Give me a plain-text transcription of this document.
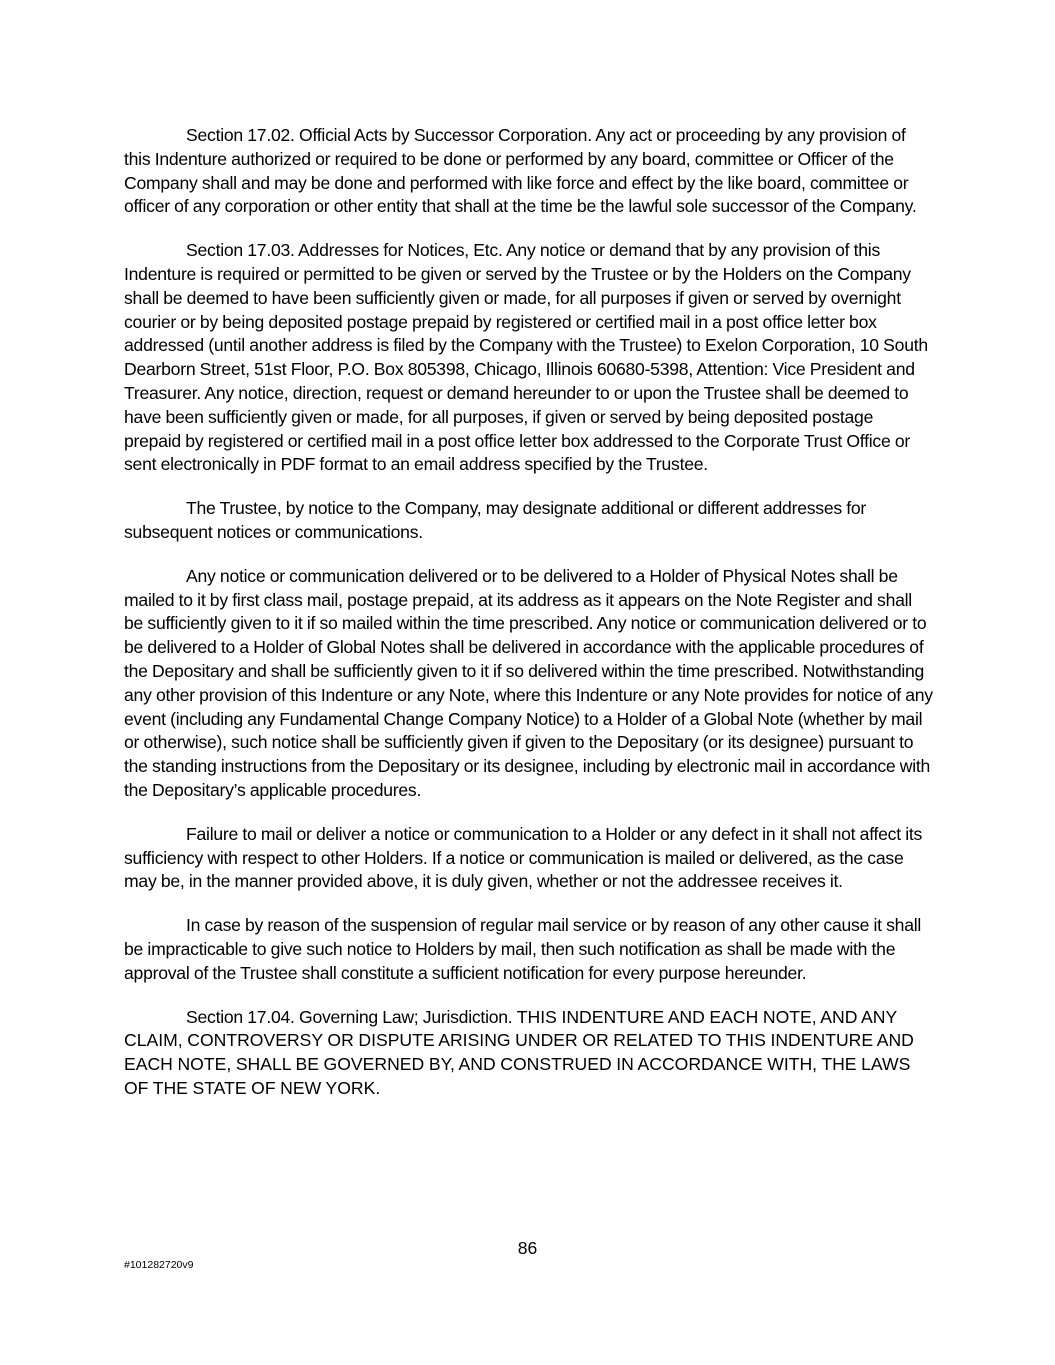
Section 17.02. Official Acts by Successor Corporation. Any act or proceeding by any provision of this Indenture authorized or required to be done or performed by any board, committee or Officer of the Company shall and may be done and performed with like force and effect by the like board, committee or officer of any corporation or other entity that shall at the time be the lawful sole successor of the Company.

Section 17.03. Addresses for Notices, Etc. Any notice or demand that by any provision of this Indenture is required or permitted to be given or served by the Trustee or by the Holders on the Company shall be deemed to have been sufficiently given or made, for all purposes if given or served by overnight courier or by being deposited postage prepaid by registered or certified mail in a post office letter box addressed (until another address is filed by the Company with the Trustee) to Exelon Corporation, 10 South Dearborn Street, 51st Floor, P.O. Box 805398, Chicago, Illinois 60680-5398, Attention: Vice President and Treasurer. Any notice, direction, request or demand hereunder to or upon the Trustee shall be deemed to have been sufficiently given or made, for all purposes, if given or served by being deposited postage prepaid by registered or certified mail in a post office letter box addressed to the Corporate Trust Office or sent electronically in PDF format to an email address specified by the Trustee.

The Trustee, by notice to the Company, may designate additional or different addresses for subsequent notices or communications.

Any notice or communication delivered or to be delivered to a Holder of Physical Notes shall be mailed to it by first class mail, postage prepaid, at its address as it appears on the Note Register and shall be sufficiently given to it if so mailed within the time prescribed. Any notice or communication delivered or to be delivered to a Holder of Global Notes shall be delivered in accordance with the applicable procedures of the Depositary and shall be sufficiently given to it if so delivered within the time prescribed. Notwithstanding any other provision of this Indenture or any Note, where this Indenture or any Note provides for notice of any event (including any Fundamental Change Company Notice) to a Holder of a Global Note (whether by mail or otherwise), such notice shall be sufficiently given if given to the Depositary (or its designee) pursuant to the standing instructions from the Depositary or its designee, including by electronic mail in accordance with the Depositary’s applicable procedures.

Failure to mail or deliver a notice or communication to a Holder or any defect in it shall not affect its sufficiency with respect to other Holders. If a notice or communication is mailed or delivered, as the case may be, in the manner provided above, it is duly given, whether or not the addressee receives it.

In case by reason of the suspension of regular mail service or by reason of any other cause it shall be impracticable to give such notice to Holders by mail, then such notification as shall be made with the approval of the Trustee shall constitute a sufficient notification for every purpose hereunder.

Section 17.04. Governing Law; Jurisdiction. THIS INDENTURE AND EACH NOTE, AND ANY CLAIM, CONTROVERSY OR DISPUTE ARISING UNDER OR RELATED TO THIS INDENTURE AND EACH NOTE, SHALL BE GOVERNED BY, AND CONSTRUED IN ACCORDANCE WITH, THE LAWS OF THE STATE OF NEW YORK.

86
#101282720v9
